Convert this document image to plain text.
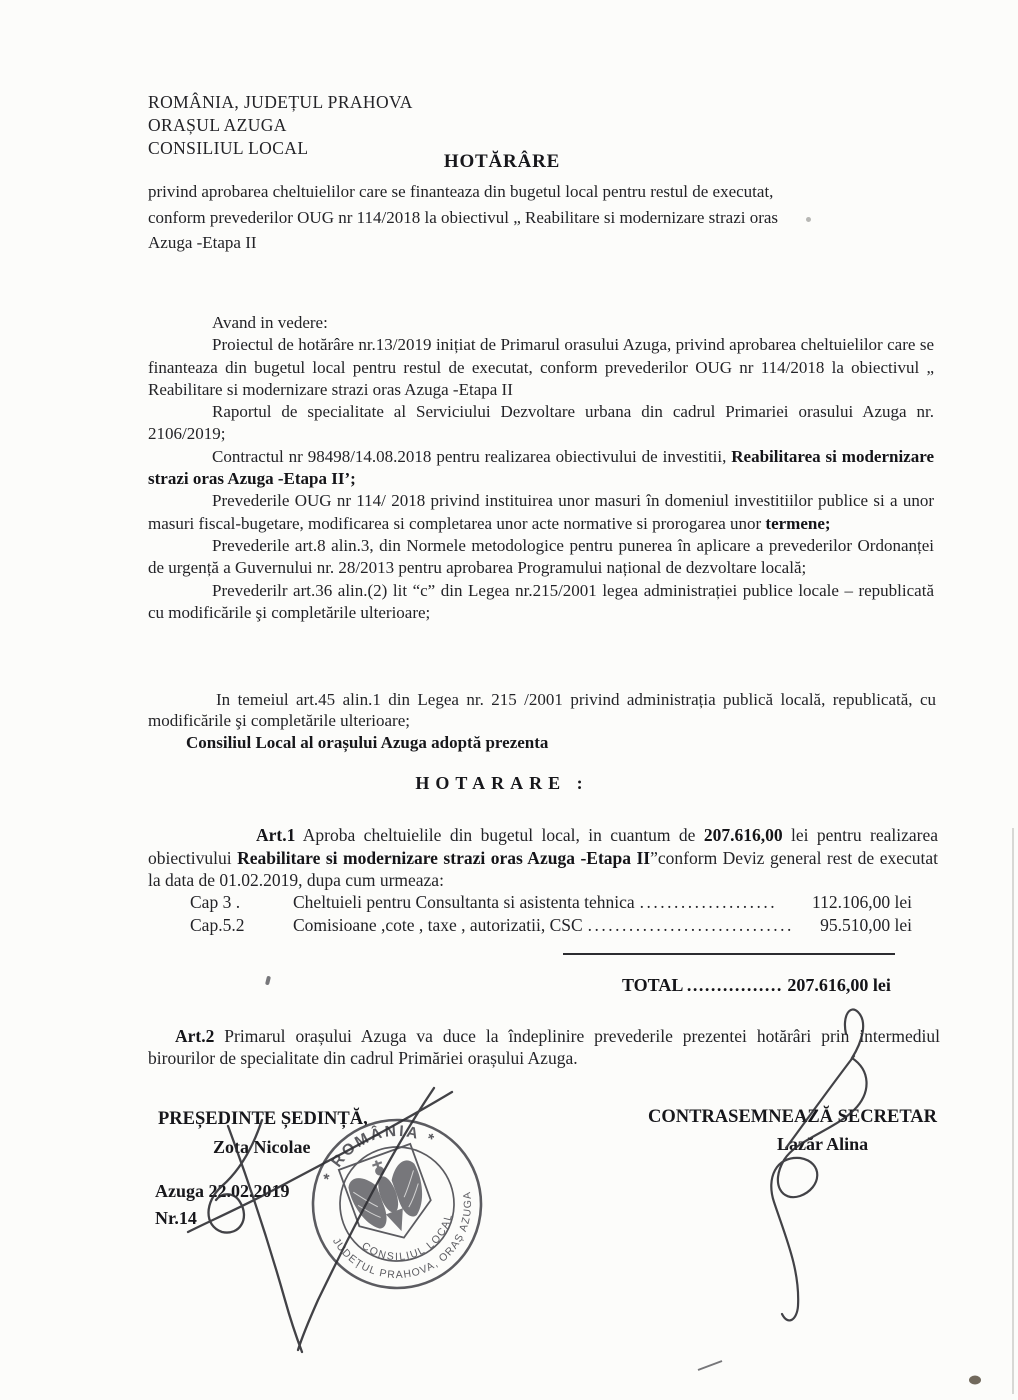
ROMÂNIA, JUDEȚUL PRAHOVA
ORAȘUL AZUGA
CONSILIUL LOCAL
HOTĂRÂRE
privind aprobarea cheltuielilor care se finanteaza din bugetul local pentru restul de executat,
conform prevederilor OUG nr 114/2018 la obiectivul „ Reabilitare si modernizare strazi oras
Azuga -Etapa II
Avand in vedere:

Proiectul de hotărâre nr.13/2019 inițiat de Primarul orasului Azuga, privind aprobarea cheltuielilor care se finanteaza din bugetul local pentru restul de executat, conform prevederilor OUG nr 114/2018 la obiectivul „ Reabilitare si modernizare strazi oras Azuga -Etapa II

Raportul de specialitate al Serviciului Dezvoltare urbana din cadrul Primariei orasului Azuga nr. 2106/2019;

Contractul nr 98498/14.08.2018 pentru realizarea obiectivului de investitii, Reabilitarea si modernizare strazi oras Azuga -Etapa II’;

Prevederile OUG nr 114/ 2018 privind instituirea unor masuri în domeniul investitiilor publice si a unor masuri fiscal-bugetare, modificarea si completarea unor acte normative si prorogarea unor termene;

Prevederile art.8 alin.3, din Normele metodologice pentru punerea în aplicare a prevederilor Ordonanței de urgență a Guvernului nr. 28/2013 pentru aprobarea Programului național de dezvoltare locală;

Prevederilr art.36 alin.(2) lit “c” din Legea nr.215/2001 legea administrației publice locale – republicată cu modificările şi completările ulterioare;

In temeiul art.45 alin.1 din Legea nr. 215 /2001 privind administrația publică locală, republicată, cu modificările şi completările ulterioare;

Consiliul Local al orașului Azuga adoptă prezenta

HOTARARE :
Art.1 Aproba cheltuielile din bugetul local, in cuantum de 207.616,00 lei pentru realizarea obiectivului Reabilitare si modernizare strazi oras Azuga -Etapa II”conform Deviz general rest de executat la data de 01.02.2019, dupa cum urmeaza:
Cap 3 .	Cheltuieli pentru Consultanta si asistenta tehnica ....................	112.106,00 lei
Cap.5.2	Comisioane ,cote , taxe , autorizatii, CSC ..............................	95.510,00 lei
TOTAL ................ 207.616,00 lei
Art.2 Primarul orașului Azuga va duce la îndeplinire prevederile prezentei hotărâri prin intermediul birourilor de specialitate din cadrul Primăriei orașului Azuga.
PREȘEDINTE ȘEDINȚĂ,
Zota Nicolae
Azuga 22.02.2019
Nr.14
CONTRASEMNEAZĂ SECRETAR
Lazăr Alina
* ROMÂNIA *
JUDEȚUL PRAHOVA, ORAȘ AZUGA
CONSILIUL LOCAL
